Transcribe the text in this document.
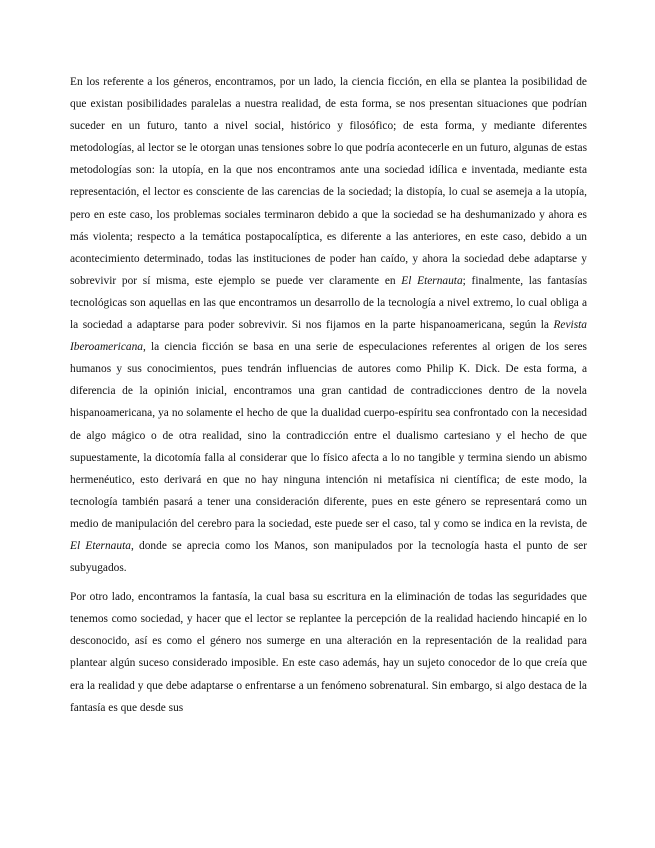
En los referente a los géneros, encontramos, por un lado, la ciencia ficción, en ella se plantea la posibilidad de que existan posibilidades paralelas a nuestra realidad, de esta forma, se nos presentan situaciones que podrían suceder en un futuro, tanto a nivel social, histórico y filosófico; de esta forma, y mediante diferentes metodologías, al lector se le otorgan unas tensiones sobre lo que podría acontecerle en un futuro, algunas de estas metodologías son: la utopía, en la que nos encontramos ante una sociedad idílica e inventada, mediante esta representación, el lector es consciente de las carencias de la sociedad; la distopía, lo cual se asemeja a la utopía, pero en este caso, los problemas sociales terminaron debido a que la sociedad se ha deshumanizado y ahora es más violenta; respecto a la temática postapocalíptica, es diferente a las anteriores, en este caso, debido a un acontecimiento determinado, todas las instituciones de poder han caído, y ahora la sociedad debe adaptarse y sobrevivir por sí misma, este ejemplo se puede ver claramente en El Eternauta; finalmente, las fantasías tecnológicas son aquellas en las que encontramos un desarrollo de la tecnología a nivel extremo, lo cual obliga a la sociedad a adaptarse para poder sobrevivir. Si nos fijamos en la parte hispanoamericana, según la Revista Iberoamericana, la ciencia ficción se basa en una serie de especulaciones referentes al origen de los seres humanos y sus conocimientos, pues tendrán influencias de autores como Philip K. Dick. De esta forma, a diferencia de la opinión inicial, encontramos una gran cantidad de contradicciones dentro de la novela hispanoamericana, ya no solamente el hecho de que la dualidad cuerpo-espíritu sea confrontado con la necesidad de algo mágico o de otra realidad, sino la contradicción entre el dualismo cartesiano y el hecho de que supuestamente, la dicotomía falla al considerar que lo físico afecta a lo no tangible y termina siendo un abismo hermenéutico, esto derivará en que no hay ninguna intención ni metafísica ni científica; de este modo, la tecnología también pasará a tener una consideración diferente, pues en este género se representará como un medio de manipulación del cerebro para la sociedad, este puede ser el caso, tal y como se indica en la revista, de El Eternauta, donde se aprecia como los Manos, son manipulados por la tecnología hasta el punto de ser subyugados.

Por otro lado, encontramos la fantasía, la cual basa su escritura en la eliminación de todas las seguridades que tenemos como sociedad, y hacer que el lector se replantee la percepción de la realidad haciendo hincapié en lo desconocido, así es como el género nos sumerge en una alteración en la representación de la realidad para plantear algún suceso considerado imposible. En este caso además, hay un sujeto conocedor de lo que creía que era la realidad y que debe adaptarse o enfrentarse a un fenómeno sobrenatural. Sin embargo, si algo destaca de la fantasía es que desde sus
